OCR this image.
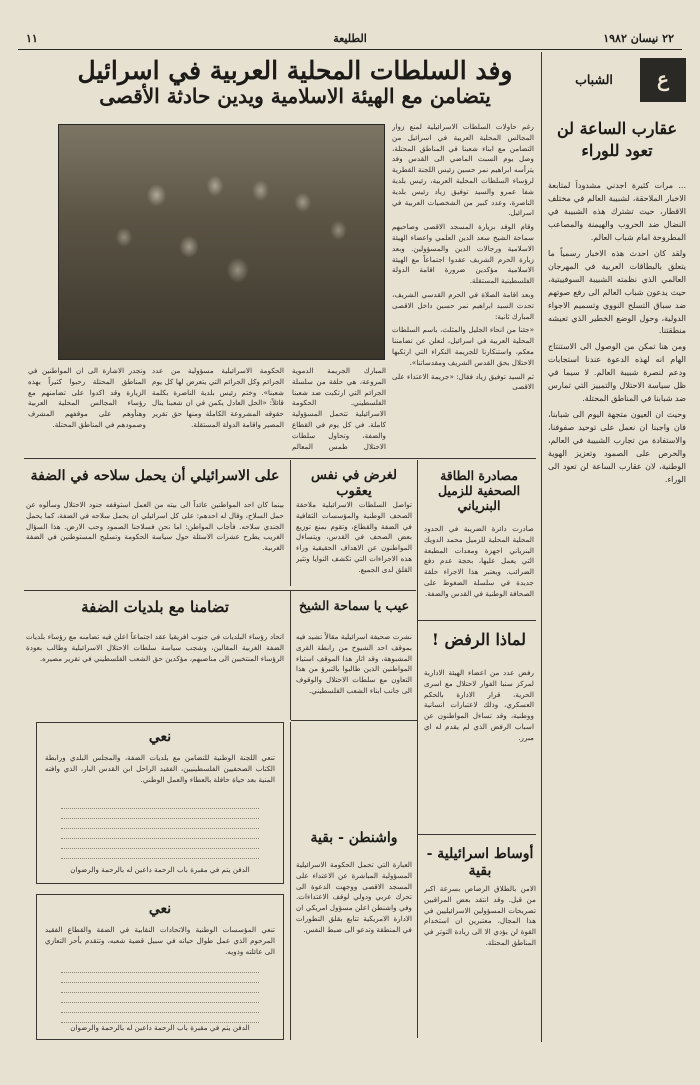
٢٢ نيسان ١٩٨٢
الطليعة
١١
ع
الشباب
عقارب الساعة لن تعود للوراء

... مرات كثيرة اجدني مشدوداً لمتابعة الاخبار الملاحقة، لشبيبة العالم في مختلف الاقطار، حيث تشترك هذه الشبيبة في النضال ضد الحروب والهيمنة والمصاعب المطروحة امام شباب العالم.

ولقد كان احدث هذه الاخبار رسمياً ما يتعلق بالبطاقات العربية في المهرجان العالمي الذي نظمته الشبيبة السوفييتية، حيث يدعون شباب العالم الى رفع صوتهم ضد سباق التسلح النووي وتسميم الاجواء الدولية، وحول الوضع الخطير الذي تعيشه منطقتنا.

ومن هنا تمكن من الوصول الى الاستنتاج الهام انه لهذه الدعوة عندنا استجابات ودعم لنصرة شبيبة العالم. لا سيما في ظل سياسة الاحتلال والتمييز التي تمارس ضد شبابنا في المناطق المحتلة.

وحيث ان العيون متجهة اليوم الى شبابنا، فان واجبنا ان نعمل على توحيد صفوفنا، والاستفادة من تجارب الشبيبة في العالم، والحرص على الصمود وتعزيز الهوية الوطنية، لان عقارب الساعة لن تعود الى الوراء.

وفد السلطات المحلية العربية في اسرائيل
يتضامن مع الهيئة الاسلامية ويدين حادثة الأقصى

رغم حاولات السلطات الاسرائيلية لمنع زوار المجالس المحلية العربية في اسرائيل من التضامن مع ابناء شعبنا في المناطق المحتلة، وصل يوم السبت الماضي الى القدس وفد يترأسه ابراهيم نمر حسين رئيس اللجنة القطرية لرؤساء السلطات المحلية العربية، رئيس بلدية شفا عمرو والسيد توفيق زياد رئيس بلدية الناصرة، وعدد كبير من الشخصيات العربية في اسرائيل.

وقام الوفد بزيارة المسجد الاقصى وصاحبهم سماحة الشيخ سعد الدين العلمي واعضاء الهيئة الاسلامية ورجالات الدين والمسؤولين. وبعد زيارة الحرم الشريف عقدوا اجتماعاً مع الهيئة الاسلامية مؤكدين ضرورة اقامة الدولة الفلسطينية المستقلة.

وبعد اقامة الصلاة في الحرم القدسي الشريف، تحدث السيد ابراهيم نمر حسين داخل الاقصى المبارك ثانية:

«جئنا من انحاء الجليل والمثلث، باسم السلطات المحلية العربية في اسرائيل، لنعلن عن تضامننا معكم، واستنكارنا للجريمة النكراء التي ارتكبها الاحتلال بحق القدس الشريف ومقدساتنا».

ثم السيد توفيق زياد فقال: «جريمة الاعتداء على الاقصى

المبارك الجريمة الدموية المروعة، هي حلقة من سلسلة الجرائم التي ارتكبت ضد شعبنا الفلسطيني. الحكومة الاسرائيلية تتحمل المسؤولية كاملة. في كل يوم في القطاع والضفة، وتحاول سلطات الاحتلال طمس المعالم
الحكومة الاسرائيلية مسؤولية من عدد الجرائم وكل الجرائم التي يتعرض لها كل يوم شعبنا». وختم رئيس بلدية الناصرة بكلمة قائلاً: «الحل العادل يكمن في ان شعبنا ينال حقوقه المشروعة الكاملة ومنها حق تقرير المصير واقامة الدولة المستقلة.
وتجدر الاشارة الى ان المواطنين في المناطق المحتلة رحبوا كثيراً بهذه الزيارة وقد اكدوا على تضامنهم مع رؤساء المجالس المحلية العربية وهنأوهم على موقفهم المشرف وصمودهم في المناطق المحتلة.
على الاسرائيلي أن يحمل سلاحه في الضفة
بينما كان احد المواطنين عائداً الى بيته من العمل استوقفه جنود الاحتلال وسألوه عن حمل السلاح، وقال له احدهم: على كل اسرائيلي ان يحمل سلاحه في الضفة، كما يحمل الجندي سلاحه. فأجاب المواطن: اما نحن فسلاحنا الصمود وحب الارض. هذا السؤال الغريب يطرح عشرات الاسئلة حول سياسة الحكومة وتسليح المستوطنين في الضفة الغربية.
لغرض في نفس يعقوب
تواصل السلطات الاسرائيلية ملاحقة الصحف الوطنية والمؤسسات الثقافية في الضفة والقطاع، وتقوم بمنع توزيع بعض الصحف في القدس، ويتساءل المواطنون عن الاهداف الحقيقية وراء هذه الاجراءات التي تكشف النوايا وتثير القلق لدى الجميع.
مصادرة الطاقة الصحفية للزميل البنرياني
صادرت دائرة الضريبة في الحدود المحلية المحلية للزميل محمد الدويك البنرياني اجهزة ومعدات المطبعة التي يعمل عليها، بحجة عدم دفع الضرائب. ويعتبر هذا الاجراء حلقة جديدة في سلسلة الضغوط على الصحافة الوطنية في القدس والضفة.
تضامنا مع بلديات الضفة
اتحاد رؤساء البلديات في جنوب افريقيا عقد اجتماعاً اعلن فيه تضامنه مع رؤساء بلديات الضفة الغربية المقالين، وشجب سياسة سلطات الاحتلال الاسرائيلية وطالب بعودة الرؤساء المنتخبين الى مناصبهم، مؤكدين حق الشعب الفلسطيني في تقرير مصيره.
عيب يا سماحة الشيخ
نشرت صحيفة اسرائيلية مقالاً تشيد فيه بموقف احد الشيوخ من رابطة القرى المشبوهة، وقد اثار هذا الموقف استياء المواطنين الذين طالبوا بالتبرؤ من هذا التعاون مع سلطات الاحتلال والوقوف الى جانب ابناء الشعب الفلسطيني.
لماذا الرفض !
رفض عدد من اعضاء الهيئة الادارية لمركز سنبا الفوار لاحتلال مع اسرى الحرية، قرار الادارة بالحكم العسكري، وذلك لاعتبارات انسانية ووطنية، وقد تساءل المواطنون عن اسباب الرفض الذي لم يقدم له اي مبرر.
نعي
تنعي اللجنة الوطنية للتضامن مع بلديات الضفة، والمجلس البلدي ورابطة الكتاب الصحفيين الفلسطينيين، الفقيد الراحل ابن القدس البار، الذي وافته المنية بعد حياة حافلة بالعطاء والعمل الوطني.
الدفن يتم في مقبرة باب الرحمة داعين له بالرحمة والرضوان
نعي
تنعي المؤسسات الوطنية والاتحادات النقابية في الضفة والقطاع الفقيد المرحوم الذي عمل طوال حياته في سبيل قضية شعبه، وتتقدم بأحر التعازي الى عائلته وذويه.
الدفن يتم في مقبرة باب الرحمة داعين له بالرحمة والرضوان
واشنطن - بقية
العبارة التي تحمل الحكومة الاسرائيلية المسؤولية المباشرة عن الاعتداء على المسجد الاقصى ووجهت الدعوة الى تحرك عربي ودولي لوقف الاعتداءات. وفي واشنطن اعلن مسؤول امريكي ان الادارة الامريكية تتابع بقلق التطورات في المنطقة وتدعو الى ضبط النفس.
أوساط اسرائيلية - بقية
الامن بالطلاق الرصاص بسرعة اكبر من قبل. وقد انتقد بعض المراقبين تصريحات المسؤولين الاسرائيليين في هذا المجال، معتبرين ان استخدام القوة لن يؤدي الا الى زيادة التوتر في المناطق المحتلة.
